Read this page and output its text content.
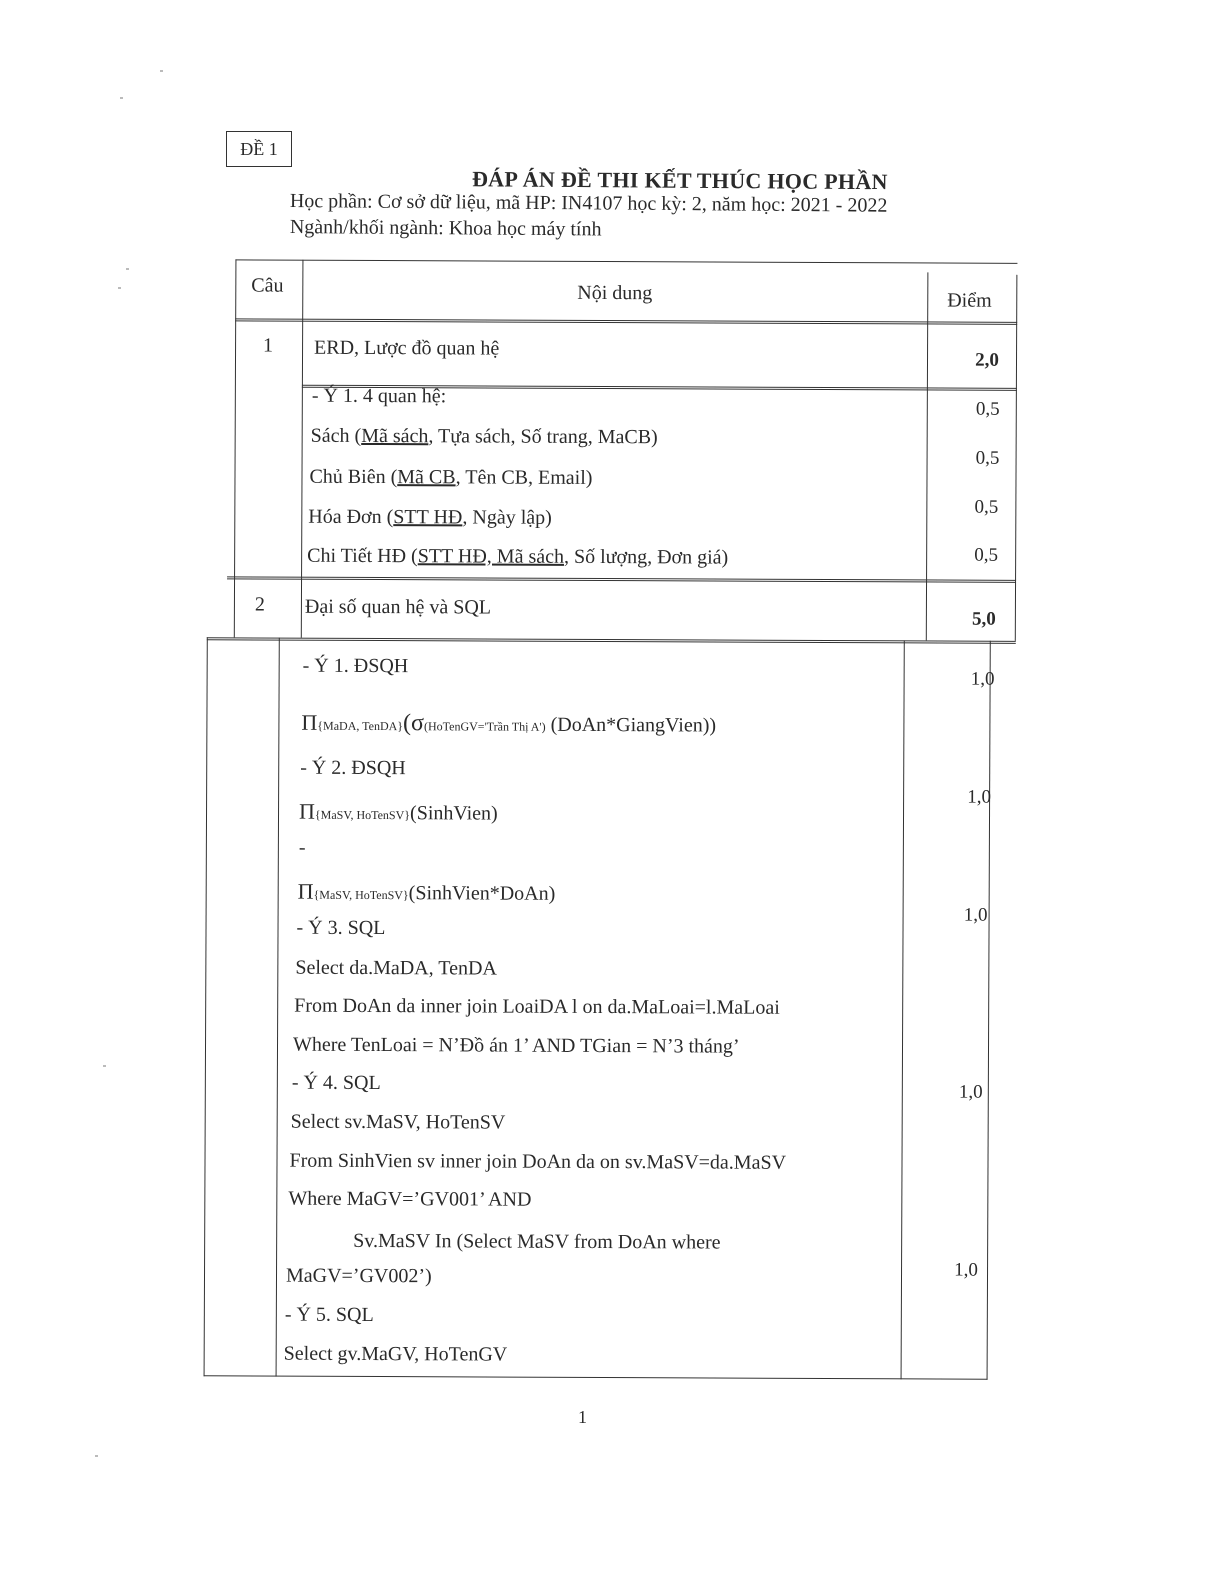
ĐỀ 1
ĐÁP ÁN ĐỀ THI KẾT THÚC HỌC PHẦN
Học phần: Cơ sở dữ liệu, mã HP: IN4107 học kỳ: 2, năm học: 2021 - 2022
Ngành/khối ngành: Khoa học máy tính
Câu	Nội dung	Điểm
1 ERD, Lược đồ quan hệ
2,0
- Ý 1. 4 quan hệ:
Sách (Mã sách, Tựa sách, Số trang, MaCB)
Chủ Biên (Mã CB, Tên CB, Email)
Hóa Đơn (STT HĐ, Ngày lập)
Chi Tiết HĐ (STT HĐ, Mã sách, Số lượng, Đơn giá)
0,5
0,5
0,5
0,5
2 Đại số quan hệ và SQL
5,0
- Ý 1. ĐSQH
Π{MaDA, TenDA}(σ(HoTenGV='Trần Thị A') (DoAn*GiangVien))
- Ý 2. ĐSQH
Π{MaSV, HoTenSV}(SinhVien)
-
Π{MaSV, HoTenSV}(SinhVien*DoAn)
- Ý 3. SQL
Select da.MaDA, TenDA
From DoAn da inner join LoaiDA l on da.MaLoai=l.MaLoai
Where TenLoai = N’Đồ án 1’ AND TGian = N’3 tháng’
- Ý 4. SQL
Select sv.MaSV, HoTenSV
From SinhVien sv inner join DoAn da on sv.MaSV=da.MaSV
Where MaGV=’GV001’ AND
Sv.MaSV In (Select MaSV from DoAn where
MaGV=’GV002’)
- Ý 5. SQL
Select gv.MaGV, HoTenGV
1,0
1,0
1,0
1,0
1,0
1
